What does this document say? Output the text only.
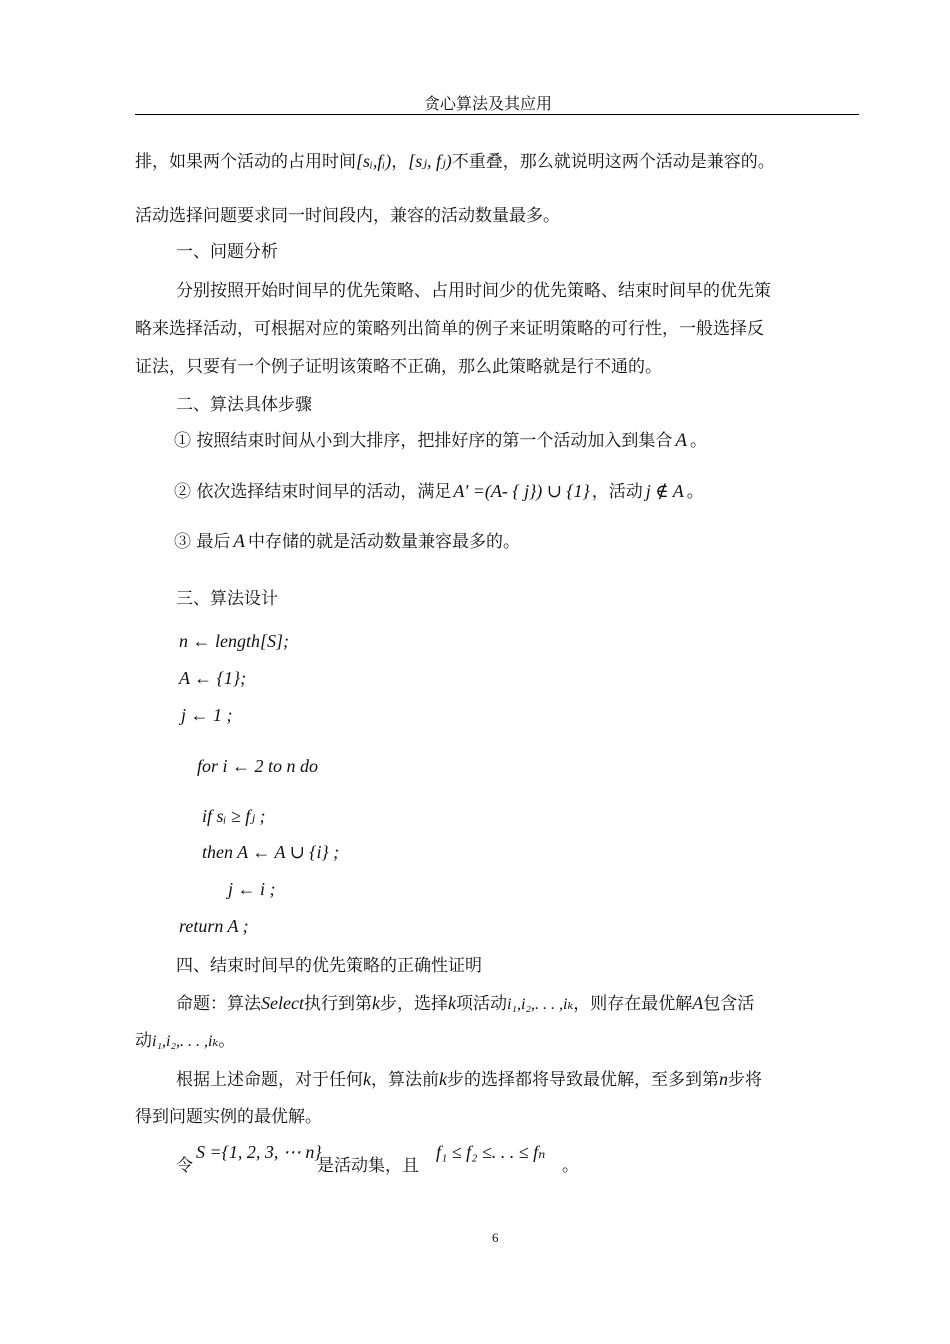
贪心算法及其应用
排，如果两个活动的占用时间[sᵢ,fᵢ)，[sⱼ, fⱼ)不重叠，那么就说明这两个活动是兼容的。
活动选择问题要求同一时间段内，兼容的活动数量最多。
一、问题分析
分别按照开始时间早的优先策略、占用时间少的优先策略、结束时间早的优先策
略来选择活动，可根据对应的策略列出简单的例子来证明策略的可行性，一般选择反
证法，只要有一个例子证明该策略不正确，那么此策略就是行不通的。
二、算法具体步骤
① 按照结束时间从小到大排序，把排好序的第一个活动加入到集合 A 。
② 依次选择结束时间早的活动，满足 A' =(A- { j}) ∪ {1} ，活动 j ∉ A 。
③ 最后 A 中存储的就是活动数量兼容最多的。
三、算法设计
n ← length[S];
A ← {1};
j ← 1 ;
for i ← 2 to n do
if sᵢ ≥ fⱼ ;
then A ← A ∪ {i} ;
j ← i ;
return A ;
四、结束时间早的优先策略的正确性证明
命题：算法Select执行到第k步，选择k项活动i₁,i₂,. . . ,iₖ，则存在最优解A包含活
动i₁,i₂,. . . ,iₖ。
根据上述命题，对于任何k，算法前k步的选择都将导致最优解，至多到第n步将
得到问题实例的最优解。
令
S ={1, 2, 3, ⋯ n}
是活动集，且
f₁ ≤ f₂ ≤. . . ≤ fₙ
。
6
